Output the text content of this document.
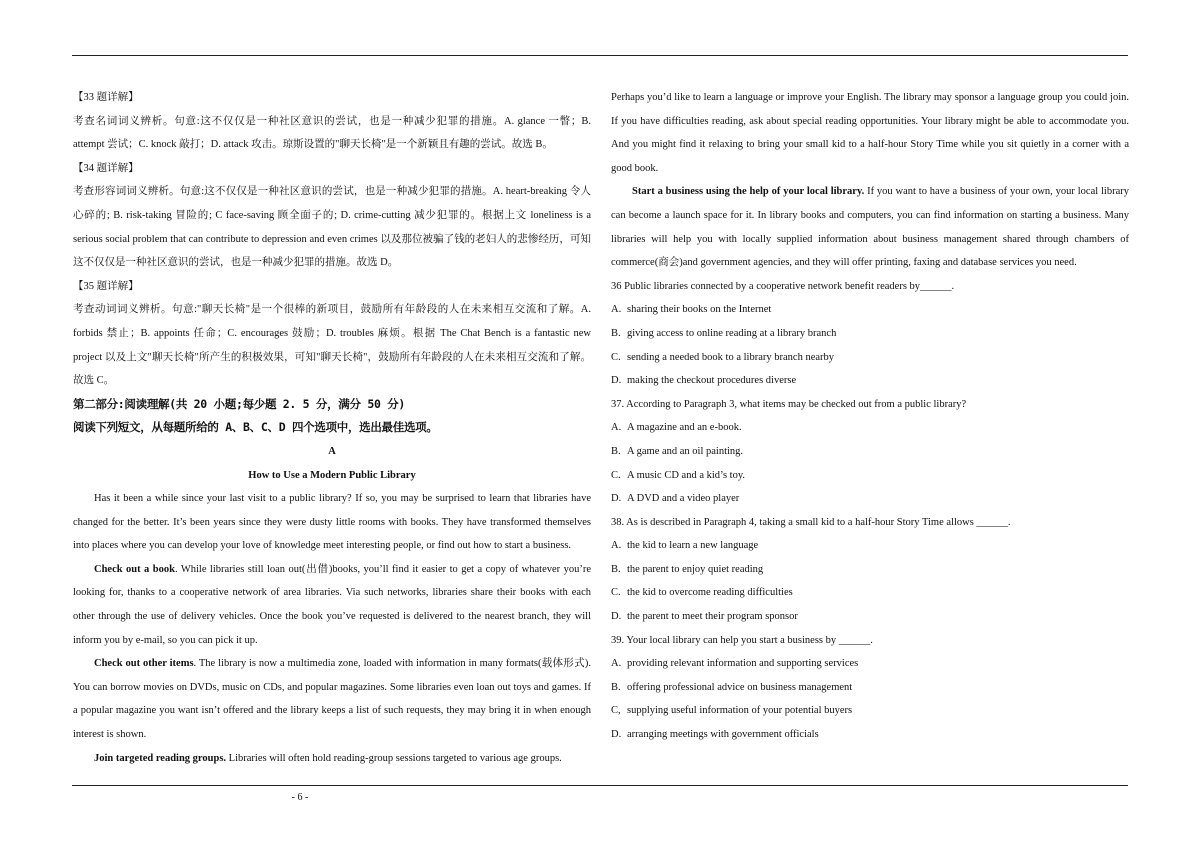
【33 题详解】

考查名词词义辨析。句意:这不仅仅是一种社区意识的尝试，也是一种减少犯罪的措施。A. glance 一瞥；B. attempt 尝试；C. knock 敲打；D. attack 攻击。琼斯设置的"聊天长椅"是一个新颖且有趣的尝试。故选 B。

【34 题详解】

考查形容词词义辨析。句意:这不仅仅是一种社区意识的尝试，也是一种减少犯罪的措施。A. heart-breaking 令人心碎的; B. risk-taking 冒险的; C face-saving 顾全面子的; D. crime-cutting 减少犯罪的。根据上文 loneliness is a serious social problem that can contribute to depression and even crimes 以及那位被骗了钱的老妇人的悲惨经历，可知这不仅仅是一种社区意识的尝试，也是一种减少犯罪的措施。故选 D。

【35 题详解】

考查动词词义辨析。句意:"聊天长椅"是一个很棒的新项目，鼓励所有年龄段的人在未来相互交流和了解。A. forbids 禁止；B. appoints 任命；C. encourages 鼓励；D. troubles 麻烦。根据 The Chat Bench is a fantastic new project 以及上文"聊天长椅"所产生的积极效果，可知"聊天长椅"，鼓励所有年龄段的人在未来相互交流和了解。故选 C。

第二部分:阅读理解(共 20 小题;每少题 2. 5 分，满分 50 分)

阅读下列短文，从每题所给的 A、B、C、D 四个选项中，选出最佳选项。

A

How to Use a Modern Public Library

Has it been a while since your last visit to a public library? If so, you may be surprised to learn that libraries have changed for the better. It’s been years since they were dusty little rooms with books. They have transformed themselves into places where you can develop your love of knowledge meet interesting people, or find out how to start a business.

Check out a book. While libraries still loan out(出借)books, you’ll find it easier to get a copy of whatever you’re looking for, thanks to a cooperative network of area libraries. Via such networks, libraries share their books with each other through the use of delivery vehicles. Once the book you’ve requested is delivered to the nearest branch, they will inform you by e-mail, so you can pick it up.

Check out other items. The library is now a multimedia zone, loaded with information in many formats(载体形式). You can borrow movies on DVDs, music on CDs, and popular magazines. Some libraries even loan out toys and games. If a popular magazine you want isn’t offered and the library keeps a list of such requests, they may bring it in when enough interest is shown.

Join targeted reading groups. Libraries will often hold reading-group sessions targeted to various age groups.

Perhaps you’d like to learn a language or improve your English. The library may sponsor a language group you could join. If you have difficulties reading, ask about special reading opportunities. Your library might be able to accommodate you. And you might find it relaxing to bring your small kid to a half-hour Story Time while you sit quietly in a corner with a good book.

Start a business using the help of your local library. If you want to have a business of your own, your local library can become a launch space for it. In library books and computers, you can find information on starting a business. Many libraries will help you with locally supplied information about business management shared through chambers of commerce(商会)and government agencies, and they will offer printing, faxing and database services you need.

36 Public libraries connected by a cooperative network benefit readers by______.

A. sharing their books on the Internet

B. giving access to online reading at a library branch

C. sending a needed book to a library branch nearby

D. making the checkout procedures diverse

37. According to Paragraph 3, what items may be checked out from a public library?

A. A magazine and an e-book.

B. A game and an oil painting.

C. A music CD and a kid’s toy.

D. A DVD and a video player

38. As is described in Paragraph 4, taking a small kid to a half-hour Story Time allows ______.

A. the kid to learn a new language

B. the parent to enjoy quiet reading

C. the kid to overcome reading difficulties

D. the parent to meet their program sponsor

39. Your local library can help you start a business by ______.

A. providing relevant information and supporting services

B. offering professional advice on business management

C, supplying useful information of your potential buyers

D. arranging meetings with government officials

- 6 -
